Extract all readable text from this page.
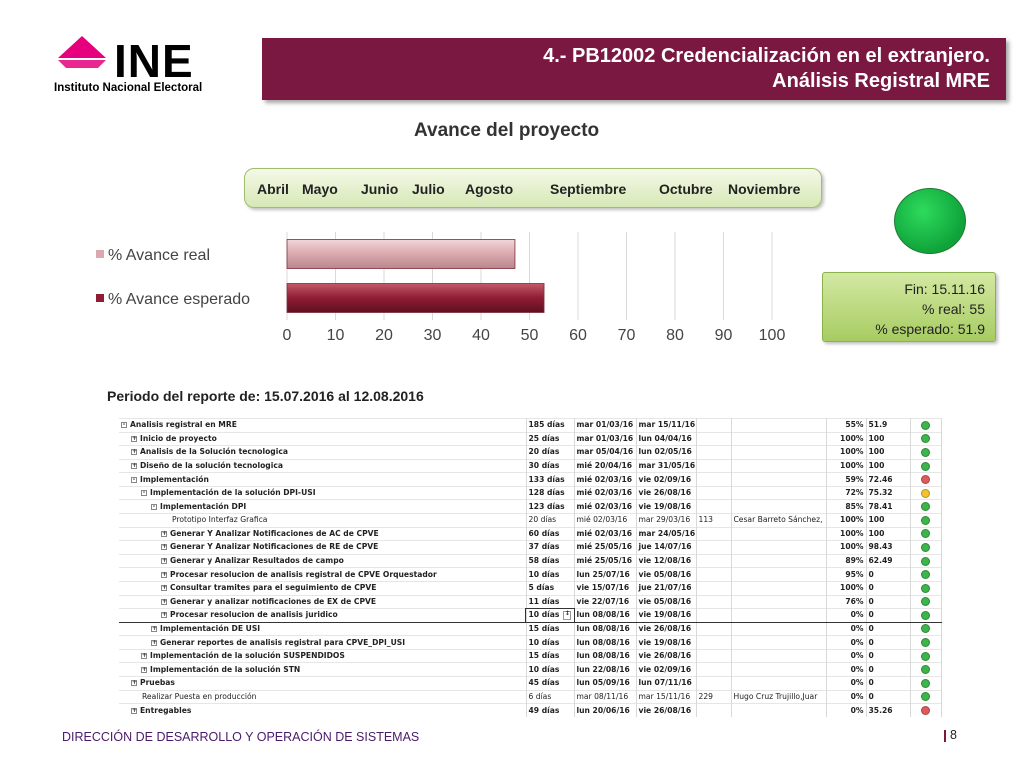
INE
Instituto Nacional Electoral
4.- PB12002 Credencialización en el extranjero.
Análisis Registral MRE
Avance del proyecto
Abril Mayo Junio Julio Agosto	Septiembre Octubre Noviembre
0 10 20 30 40 50 60 70 80 90 100
% Avance real
% Avance esperado
Fin: 15.11.16
% real: 55
% esperado: 51.9
Periodo del reporte de: 15.07.2016 al 12.08.2016
- Analisis registral en MRE	185 días	mar 01/03/16	mar 15/11/16			55%	51.9	
+ Inicio de proyecto	25 días	mar 01/03/16	lun 04/04/16			100%	100	
+ Analisis de la Solución tecnologica	20 días	mar 05/04/16	lun 02/05/16			100%	100	
+ Diseño de la solución tecnologica	30 días	mié 20/04/16	mar 31/05/16			100%	100	
- Implementación	133 días	mié 02/03/16	vie 02/09/16			59%	72.46	
- Implementación de la solución DPI-USI	128 días	mié 02/03/16	vie 26/08/16			72%	75.32	
- Implementación DPI	123 días	mié 02/03/16	vie 19/08/16			85%	78.41	
Prototipo Interfaz Grafica	20 días	mié 02/03/16	mar 29/03/16	113	Cesar Barreto Sánchez,	100%	100	
+ Generar Y Analizar Notificaciones de AC de CPVE	60 días	mié 02/03/16	mar 24/05/16			100%	100	
+ Generar Y Analizar Notificaciones de RE de CPVE	37 días	mié 25/05/16	jue 14/07/16			100%	98.43	
+ Generar y Analizar Resultados de campo	58 días	mié 25/05/16	vie 12/08/16			89%	62.49	
+ Procesar resolucion de analisis registral de CPVE Orquestador	10 días	lun 25/07/16	vie 05/08/16			95%	0	
+ Consultar tramites para el seguimiento de CPVE	5 días	vie 15/07/16	jue 21/07/16			100%	0	
+ Generar y analizar notificaciones de EX de CPVE	11 días	vie 22/07/16	vie 05/08/16			76%	0	
+ Procesar resolucion de analisis juridico	10 días ↕	lun 08/08/16	vie 19/08/16			0%	0	
+ Implementación DE USI	15 días	lun 08/08/16	vie 26/08/16			0%	0	
+ Generar reportes de analisis registral para CPVE_DPI_USI	10 días	lun 08/08/16	vie 19/08/16			0%	0	
+ Implementación de la solución SUSPENDIDOS	15 días	lun 08/08/16	vie 26/08/16			0%	0	
+ Implementación de la solución STN	10 días	lun 22/08/16	vie 02/09/16			0%	0	
+ Pruebas	45 días	lun 05/09/16	lun 07/11/16			0%	0	
Realizar Puesta en producción	6 días	mar 08/11/16	mar 15/11/16	229	Hugo Cruz Trujillo,Juar	0%	0	
+ Entregables	49 días	lun 20/06/16	vie 26/08/16			0%	35.26	
DIRECCIÓN DE DESARROLLO Y OPERACIÓN DE SISTEMAS	8
